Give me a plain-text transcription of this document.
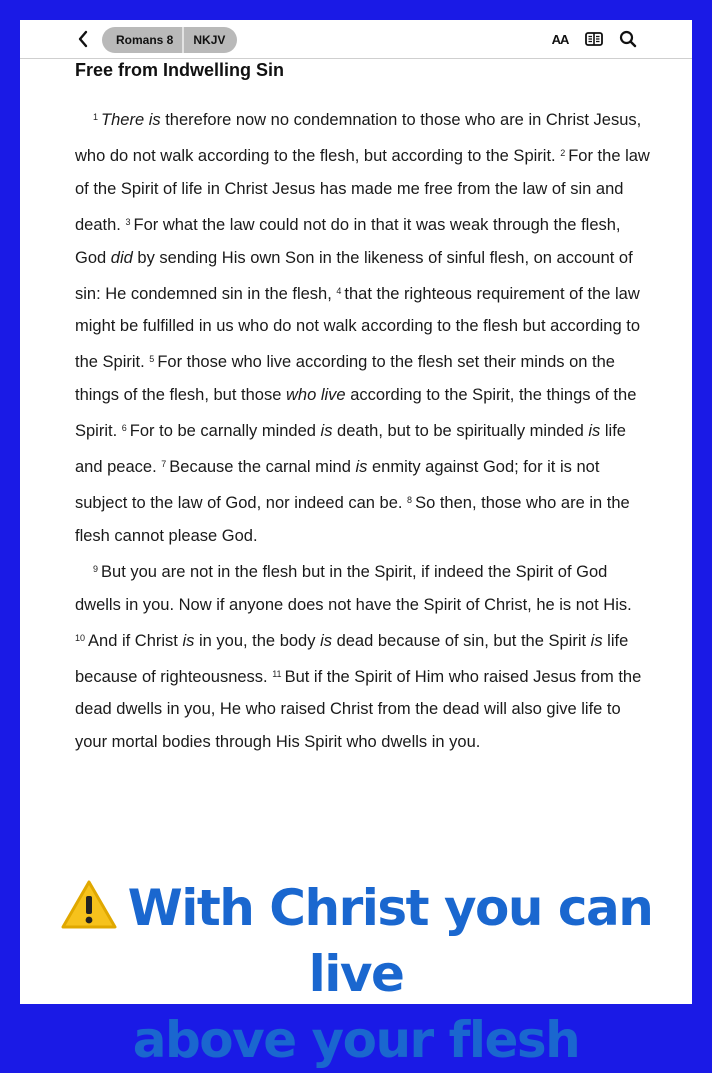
Romans 8	NKJV	AA
Free from Indwelling Sin

$^1$ There is therefore now no condemnation to those who are in Christ Jesus, who do not walk according to the flesh, but according to the Spirit. $^2$ For the law of the Spirit of life in Christ Jesus has made me free from the law of sin and death. $^3$ For what the law could not do in that it was weak through the flesh, God did by sending His own Son in the likeness of sinful flesh, on account of sin: He condemned sin in the flesh, $^4$ that the righteous requirement of the law might be fulfilled in us who do not walk according to the flesh but according to the Spirit. $^5$ For those who live according to the flesh set their minds on the things of the flesh, but those who live according to the Spirit, the things of the Spirit. $^6$ For to be carnally minded is death, but to be spiritually minded is life and peace. $^7$ Because the carnal mind is enmity against God; for it is not subject to the law of God, nor indeed can be. $^8$ So then, those who are in the flesh cannot please God.

$^9$ But you are not in the flesh but in the Spirit, if indeed the Spirit of God dwells in you. Now if anyone does not have the Spirit of Christ, he is not His. $^{10}$ And if Christ is in you, the body is dead because of sin, but the Spirit is life because of righteousness. $^{11}$ But if the Spirit of Him who raised Jesus from the dead dwells in you, He who raised Christ from the dead will also give life to your mortal bodies through His Spirit who dwells in you.

With Christ you can live
above your flesh
